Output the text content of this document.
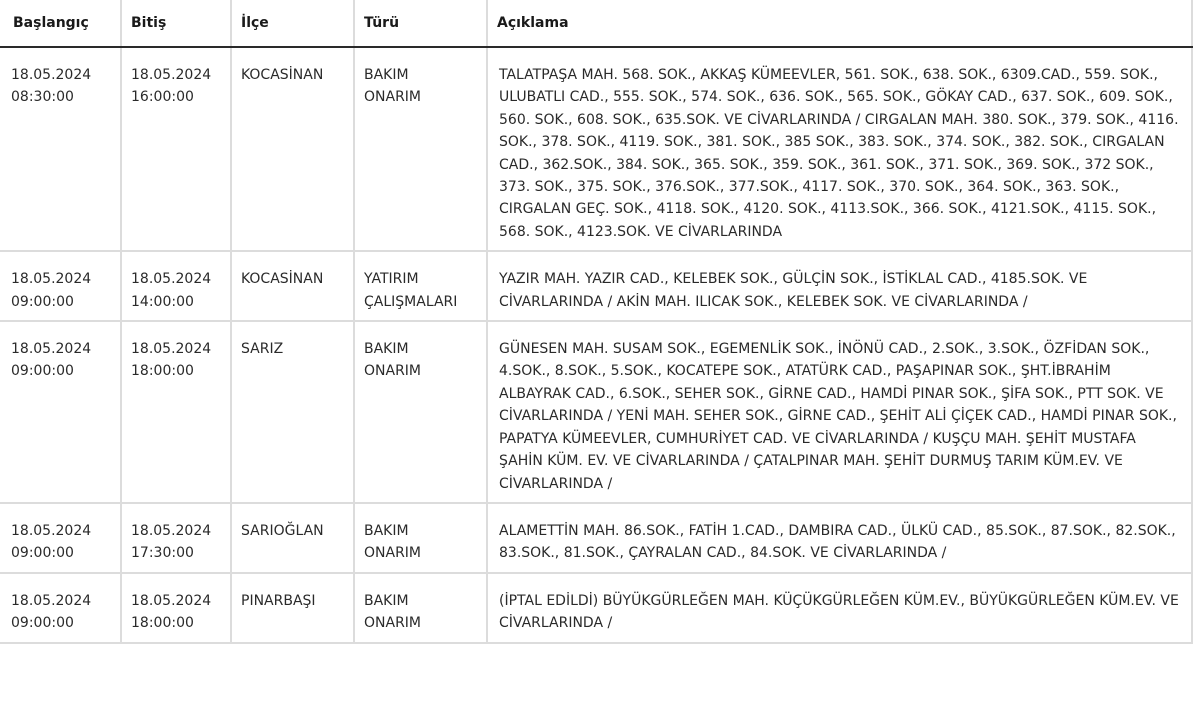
Başlangıç	Bitiş	İlçe	Türü	Açıklama

18.05.2024
08:30:00	18.05.2024
16:00:00	KOCASİNAN	BAKIM
ONARIM	TALATPAŞA MAH. 568. SOK., AKKAŞ KÜMEEVLER, 561. SOK., 638. SOK., 6309.CAD., 559. SOK., ULUBATLI CAD., 555. SOK., 574. SOK., 636. SOK., 565. SOK., GÖKAY CAD., 637. SOK., 609. SOK., 560. SOK., 608. SOK., 635.SOK. VE CİVARLARINDA / CIRGALAN MAH. 380. SOK., 379. SOK., 4116. SOK., 378. SOK., 4119. SOK., 381. SOK., 385 SOK., 383. SOK., 374. SOK., 382. SOK., CIRGALAN CAD., 362.SOK., 384. SOK., 365. SOK., 359. SOK., 361. SOK., 371. SOK., 369. SOK., 372 SOK., 373. SOK., 375. SOK., 376.SOK., 377.SOK., 4117. SOK., 370. SOK., 364. SOK., 363. SOK., CIRGALAN GEÇ. SOK., 4118. SOK., 4120. SOK., 4113.SOK., 366. SOK., 4121.SOK., 4115. SOK., 568. SOK., 4123.SOK. VE CİVARLARINDA

18.05.2024
09:00:00	18.05.2024
14:00:00	KOCASİNAN	YATIRIM
ÇALIŞMALARI	YAZIR MAH. YAZIR CAD., KELEBEK SOK., GÜLÇİN SOK., İSTİKLAL CAD., 4185.SOK. VE CİVARLARINDA / AKİN MAH. ILICAK SOK., KELEBEK SOK. VE CİVARLARINDA /

18.05.2024
09:00:00	18.05.2024
18:00:00	SARIZ	BAKIM
ONARIM	GÜNESEN MAH. SUSAM SOK., EGEMENLİK SOK., İNÖNÜ CAD., 2.SOK., 3.SOK., ÖZFİDAN SOK., 4.SOK., 8.SOK., 5.SOK., KOCATEPE SOK., ATATÜRK CAD., PAŞAPINAR SOK., ŞHT.İBRAHİM ALBAYRAK CAD., 6.SOK., SEHER SOK., GİRNE CAD., HAMDİ PINAR SOK., ŞİFA SOK., PTT SOK. VE CİVARLARINDA / YENİ MAH. SEHER SOK., GİRNE CAD., ŞEHİT ALİ ÇİÇEK CAD., HAMDİ PINAR SOK., PAPATYA KÜMEEVLER, CUMHURİYET CAD. VE CİVARLARINDA / KUŞÇU MAH. ŞEHİT MUSTAFA ŞAHİN KÜM. EV. VE CİVARLARINDA / ÇATALPINAR MAH. ŞEHİT DURMUŞ TARIM KÜM.EV. VE CİVARLARINDA /

18.05.2024
09:00:00	18.05.2024
17:30:00	SARIOĞLAN	BAKIM
ONARIM	ALAMETTİN MAH. 86.SOK., FATİH 1.CAD., DAMBIRA CAD., ÜLKÜ CAD., 85.SOK., 87.SOK., 82.SOK., 83.SOK., 81.SOK., ÇAYRALAN CAD., 84.SOK. VE CİVARLARINDA /

18.05.2024
09:00:00	18.05.2024
18:00:00	PINARBAŞI	BAKIM
ONARIM	(İPTAL EDİLDİ) BÜYÜKGÜRLEĞEN MAH. KÜÇÜKGÜRLEĞEN KÜM.EV., BÜYÜKGÜRLEĞEN KÜM.EV. VE CİVARLARINDA /
